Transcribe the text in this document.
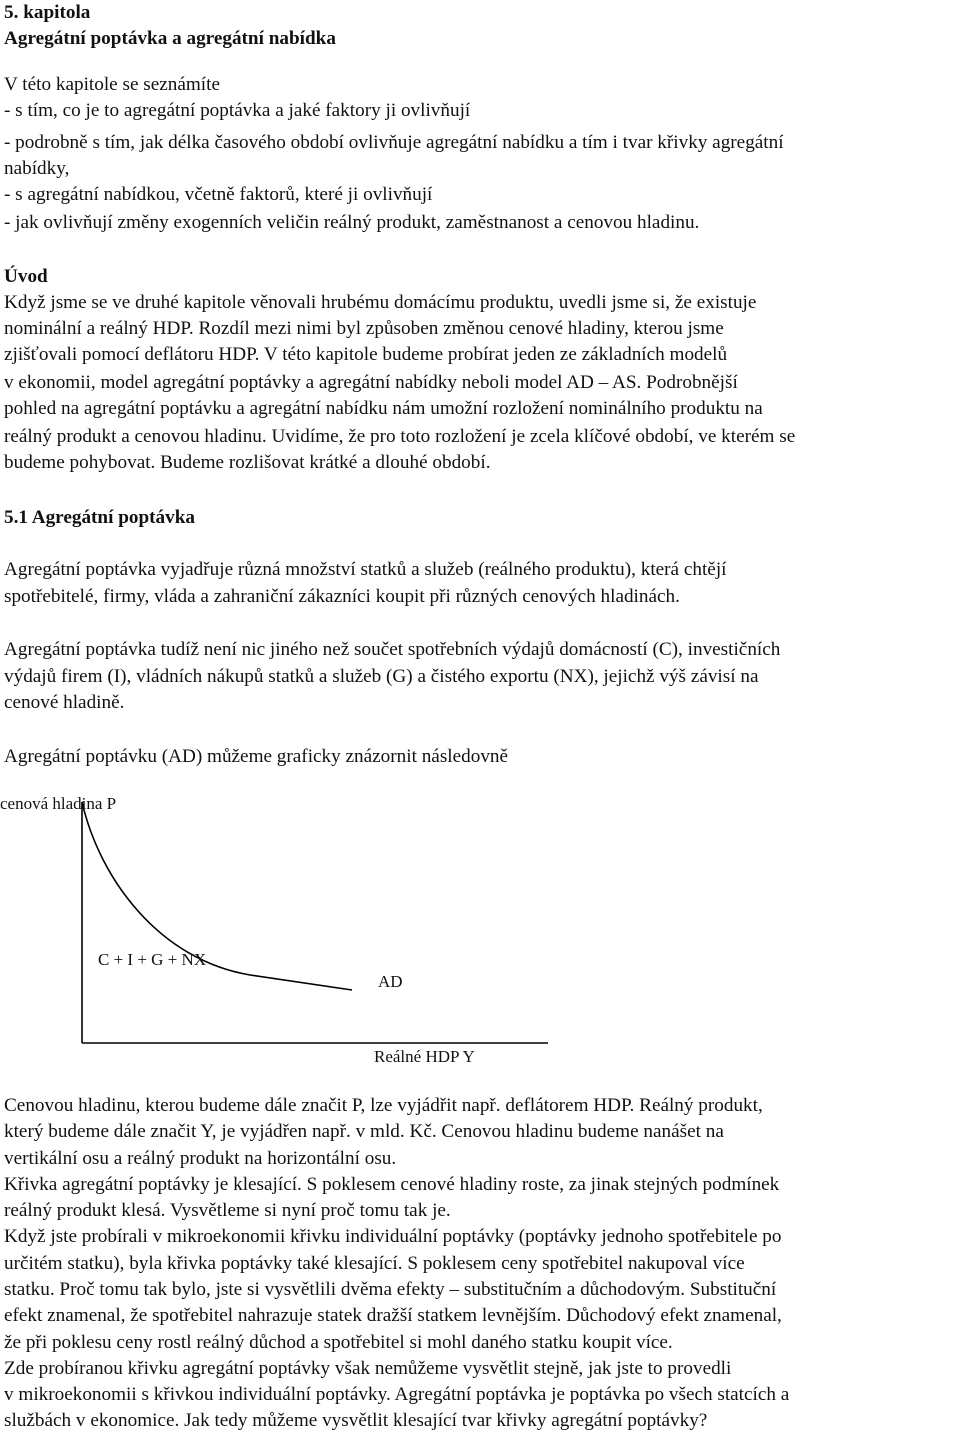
5. kapitola
Agregátní poptávka a agregátní nabídka
V této kapitole se seznámíte
- s tím, co je to agregátní poptávka a jaké faktory ji ovlivňují
- podrobně s tím, jak délka časového období ovlivňuje agregátní nabídku a tím i tvar křivky agregátní
nabídky,
- s agregátní nabídkou, včetně faktorů, které ji ovlivňují
- jak ovlivňují změny exogenních veličin reálný produkt, zaměstnanost a cenovou hladinu.
Úvod
Když jsme se ve druhé kapitole věnovali hrubému domácímu produktu, uvedli jsme si, že existuje
nominální a reálný HDP. Rozdíl mezi nimi byl způsoben změnou cenové hladiny, kterou jsme
zjišťovali pomocí deflátoru HDP. V této kapitole budeme probírat jeden ze základních modelů
v ekonomii, model agregátní poptávky a agregátní nabídky neboli model AD – AS. Podrobnější
pohled na agregátní poptávku a agregátní nabídku nám umožní rozložení nominálního produktu na
reálný produkt a cenovou hladinu. Uvidíme, že pro toto rozložení je zcela klíčové období, ve kterém se
budeme pohybovat. Budeme rozlišovat krátké a dlouhé období.
5.1 Agregátní poptávka
Agregátní poptávka vyjadřuje různá množství statků a služeb (reálného produktu), která chtějí
spotřebitelé, firmy, vláda a zahraniční zákazníci koupit při různých cenových hladinách.
Agregátní poptávka tudíž není nic jiného než součet spotřebních výdajů domácností (C), investičních
výdajů firem (I), vládních nákupů statků a služeb (G) a čistého exportu (NX), jejichž výš závisí na
cenové hladině.
Agregátní poptávku (AD) můžeme graficky znázornit následovně
cenová hladina P
C + I + G + NX
AD
Reálné HDP Y
Cenovou hladinu, kterou budeme dále značit P, lze vyjádřit např. deflátorem HDP. Reálný produkt,
který budeme dále značit Y, je vyjádřen např. v mld. Kč. Cenovou hladinu budeme nanášet na
vertikální osu a reálný produkt na horizontální osu.
Křivka agregátní poptávky je klesající. S poklesem cenové hladiny roste, za jinak stejných podmínek
reálný produkt klesá. Vysvětleme si nyní proč tomu tak je.
Když jste probírali v mikroekonomii křivku individuální poptávky (poptávky jednoho spotřebitele po
určitém statku), byla křivka poptávky také klesající. S poklesem ceny spotřebitel nakupoval více
statku. Proč tomu tak bylo, jste si vysvětlili dvěma efekty – substitučním a důchodovým. Substituční
efekt znamenal, že spotřebitel nahrazuje statek dražší statkem levnějším. Důchodový efekt znamenal,
že při poklesu ceny rostl reálný důchod a spotřebitel si mohl daného statku koupit více.
Zde probíranou křivku agregátní poptávky však nemůžeme vysvětlit stejně, jak jste to provedli
v mikroekonomii s křivkou individuální poptávky. Agregátní poptávka je poptávka po všech statcích a
službách v ekonomice. Jak tedy můžeme vysvětlit klesající tvar křivky agregátní poptávky?
